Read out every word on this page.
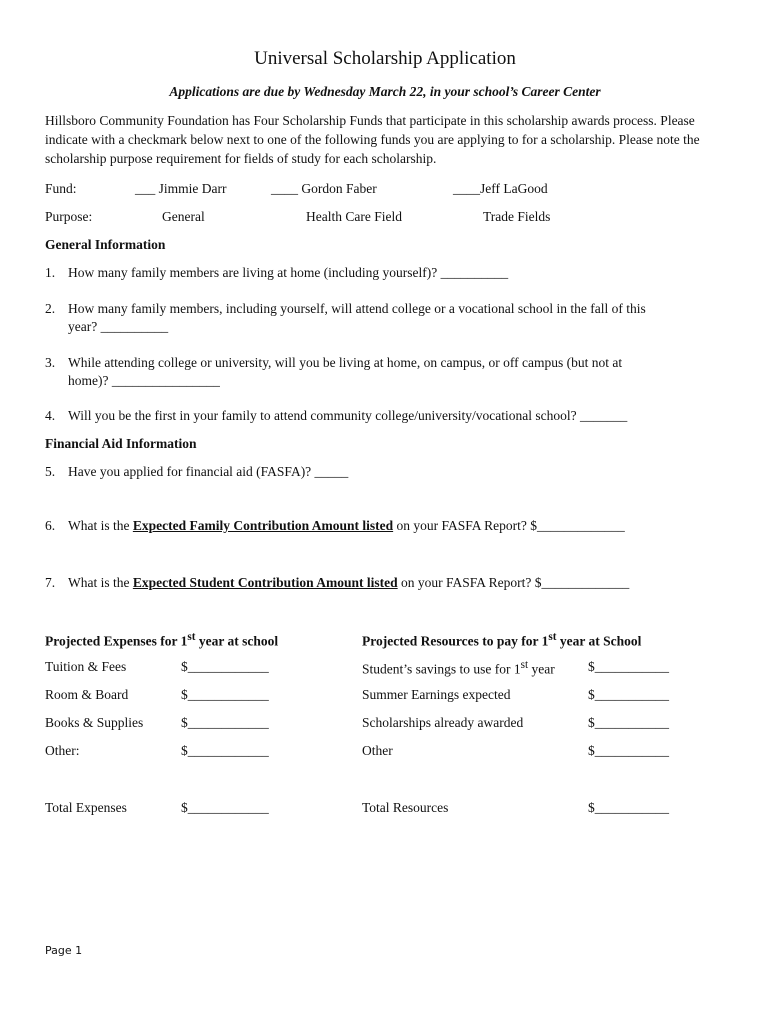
Universal Scholarship Application
Applications are due by Wednesday March 22, in your school’s Career Center
Hillsboro Community Foundation has Four Scholarship Funds that participate in this scholarship awards process. Please indicate with a checkmark below next to one of the following funds you are applying to for a scholarship. Please note the scholarship purpose requirement for fields of study for each scholarship.
Fund:	___ Jimmie Darr	____ Gordon Faber	____Jeff LaGood
Purpose:	General	Health Care Field	Trade Fields
General Information
1. How many family members are living at home (including yourself)? __________
2. How many family members, including yourself, will attend college or a vocational school in the fall of this
year? __________
3. While attending college or university, will you be living at home, on campus, or off campus (but not at
home)? ________________
4. Will you be the first in your family to attend community college/university/vocational school? _______
Financial Aid Information
5. Have you applied for financial aid (FASFA)? _____
6. What is the Expected Family Contribution Amount listed on your FASFA Report? $_____________
7. What is the Expected Student Contribution Amount listed on your FASFA Report? $_____________
Projected Expenses for 1st year at school
Tuition & Fees	$____________
Room & Board	$____________
Books & Supplies	$____________
Other:	$____________
Total Expenses	$____________
Projected Resources to pay for 1st year at School
Student’s savings to use for 1st year $___________
Summer Earnings expected	$___________
Scholarships already awarded	$___________
Other	$___________
Total Resources	$___________
Page 1
